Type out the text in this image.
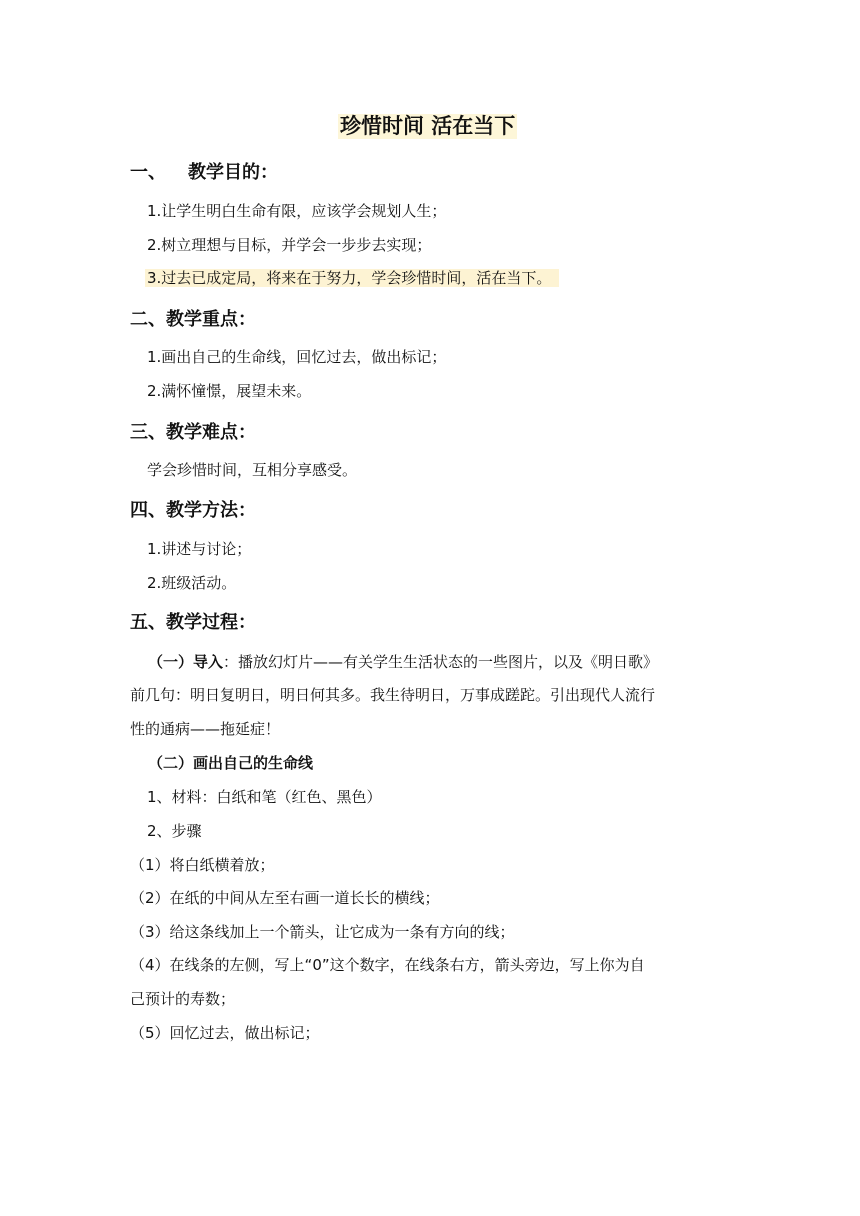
珍惜时间 活在当下
一、 教学目的：
1.让学生明白生命有限，应该学会规划人生；
2.树立理想与目标，并学会一步步去实现；
3.过去已成定局，将来在于努力，学会珍惜时间，活在当下。
二、教学重点：
1.画出自己的生命线，回忆过去，做出标记；
2.满怀憧憬，展望未来。
三、教学难点：
学会珍惜时间，互相分享感受。
四、教学方法：
1.讲述与讨论；
2.班级活动。
五、教学过程：
（一）导入：播放幻灯片——有关学生生活状态的一些图片，以及《明日歌》
前几句：明日复明日，明日何其多。我生待明日，万事成蹉跎。引出现代人流行
性的通病——拖延症！
（二）画出自己的生命线
1、材料：白纸和笔（红色、黑色）
2、步骤
（1）将白纸横着放；
（2）在纸的中间从左至右画一道长长的横线；
（3）给这条线加上一个箭头，让它成为一条有方向的线；
（4）在线条的左侧，写上“0”这个数字，在线条右方，箭头旁边，写上你为自
己预计的寿数；
（5）回忆过去，做出标记；
